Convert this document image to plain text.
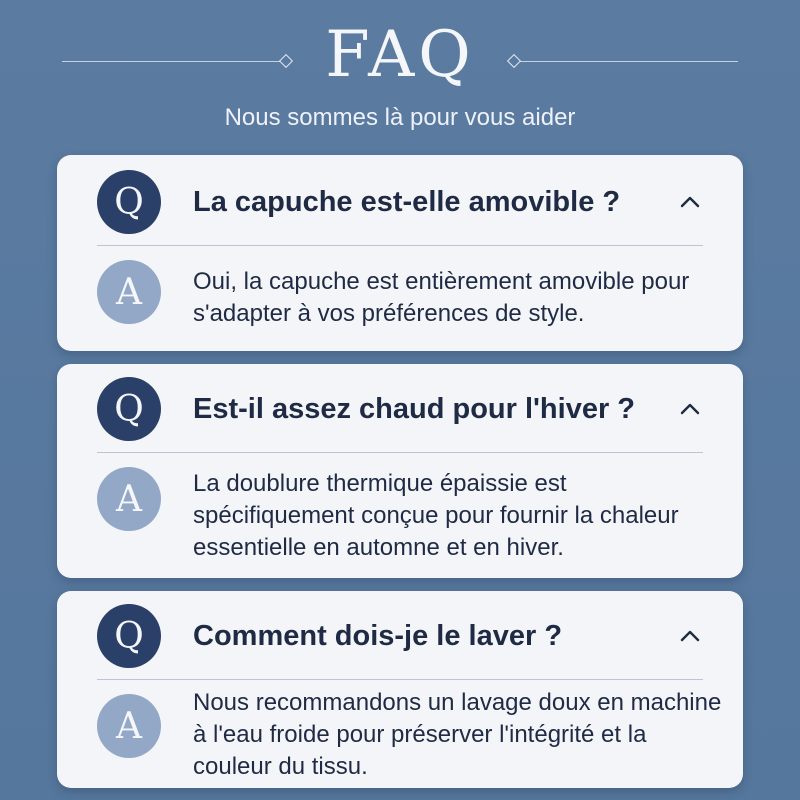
FAQ
Nous sommes là pour vous aider
Q	La capuche est-elle amovible ?
A	Oui, la capuche est entièrement amovible pour s'adapter à vos préférences de style.
Q	Est-il assez chaud pour l'hiver ?
A	La doublure thermique épaissie est spécifiquement conçue pour fournir la chaleur essentielle en automne et en hiver.
Q	Comment dois-je le laver ?
A
Nous recommandons un lavage doux en machine à l'eau froide pour préserver l'intégrité et la couleur du tissu.
